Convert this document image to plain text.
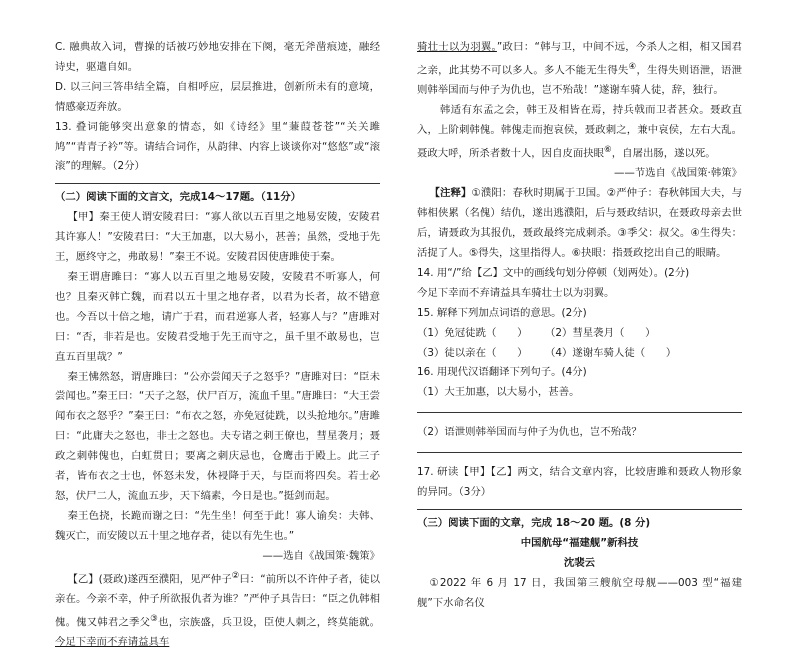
C. 融典故入词，曹操的话被巧妙地安排在下阕，毫无斧凿痕迹，融经诗史，驱遣自如。

D. 以三问三答串结全篇，自相呼应，层层推进，创新所未有的意境，情感豪迈奔放。

13. 叠词能够突出意象的情态，如《诗经》里“蒹葭苍苍”“关关雎鸠”“青青子衿”等。请结合词作，从韵律、内容上谈谈你对“悠悠”或“滚滚”的理解。（2分）

（二）阅读下面的文言文，完成14～17题。（11分）

【甲】秦王使人谓安陵君曰：“寡人欲以五百里之地易安陵，安陵君其许寡人！”安陵君曰：“大王加惠，以大易小，甚善；虽然，受地于先王，愿终守之，弗敢易！”秦王不说。安陵君因使唐雎使于秦。

秦王谓唐雎曰：“寡人以五百里之地易安陵，安陵君不听寡人，何也？且秦灭韩亡魏，而君以五十里之地存者，以君为长者，故不错意也。今吾以十倍之地，请广于君，而君逆寡人者，轻寡人与？”唐雎对曰：“否，非若是也。安陵君受地于先王而守之，虽千里不敢易也，岂直五百里哉？”

秦王怫然怒，谓唐雎曰：“公亦尝闻天子之怒乎？”唐雎对曰：“臣未尝闻也。”秦王曰：“天子之怒，伏尸百万，流血千里。”唐雎曰：“大王尝闻布衣之怒乎？”秦王曰：“布衣之怒，亦免冠徒跣，以头抢地尔。”唐雎曰：“此庸夫之怒也，非士之怒也。夫专诸之刺王僚也，彗星袭月；聂政之刺韩傀也，白虹贯日；要离之刺庆忌也，仓鹰击于殿上。此三子者，皆布衣之士也，怀怒未发，休祲降于天，与臣而将四矣。若士必怒，伏尸二人，流血五步，天下缟素，今日是也。”挺剑而起。

秦王色挠，长跪而谢之曰：“先生坐！何至于此！寡人谕矣：夫韩、魏灭亡，而安陵以五十里之地存者，徒以有先生也。”

——选自《战国策·魏策》

【乙】(聂政)遂西至濮阳，见严仲子②曰：“前所以不许仲子者，徒以亲在。今亲不幸，仲子所欲报仇者为谁？”严仲子具告曰：“臣之仇韩相傀。傀又韩君之季父③也，宗族盛，兵卫设，臣使人刺之，终莫能就。今足下幸而不弃请益具车

骑壮士以为羽翼。”政曰：“韩与卫，中间不远，今杀人之相，相又国君之亲，此其势不可以多人。多人不能无生得失④，生得失则语泄，语泄则韩举国而与仲子为仇也，岂不殆哉！”遂谢车骑人徒，辞，独行。

韩适有东孟之会，韩王及相皆在焉，持兵戟而卫者甚众。聂政直入，上阶刺韩傀。韩傀走而抱哀侯，聂政刺之，兼中哀侯，左右大乱。聂政大呼，所杀者数十人，因自皮面抉眼⑥，自屠出肠，遂以死。

——节选自《战国策·韩策》

【注释】①濮阳：春秋时期属于卫国。②严仲子：春秋韩国大夫，与韩相侠累（名傀）结仇，遂出逃濮阳，后与聂政结识，在聂政母亲去世后，请聂政为其报仇，聂政最终完成刺杀。③季父：叔父。④生得失：活捉了人。⑤得失，这里指得人。⑥抉眼：指聂政挖出自己的眼睛。

14. 用“/”给【乙】文中的画线句划分停顿（划两处）。(2分)

今足下幸而不弃请益具车骑壮士以为羽翼。

15. 解释下列加点词语的意思。(2分)

（1）免冠徒跣（　　）	（2）彗星袭月（　　）
（3）徒以亲在（　　）	（4）遂谢车骑人徒（　　）

16. 用现代汉语翻译下列句子。(4分)

（1）大王加惠，以大易小，甚善。

（2）语泄则韩举国而与仲子为仇也，岂不殆哉？

17. 研读【甲】【乙】两文，结合文章内容，比较唐雎和聂政人物形象的异同。（3分）

（三）阅读下面的文章，完成 18～20 题。(8 分)

中国航母“福建舰”新科技

沈裴云

①2022 年 6 月 17 日，我国第三艘航空母舰——003 型“福建舰”下水命名仪
